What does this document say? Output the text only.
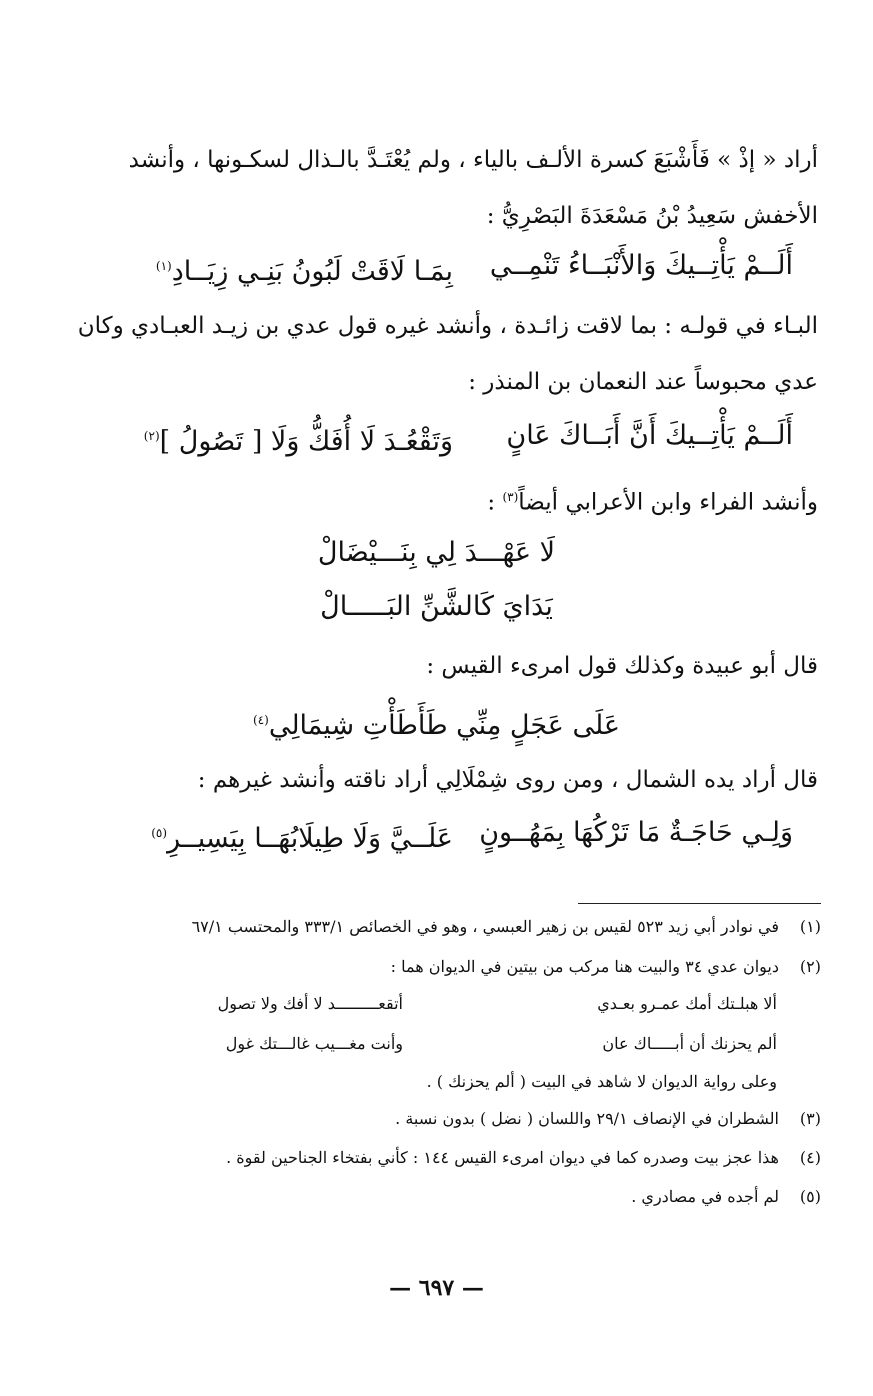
أراد « إذْ » فَأَشْبَعَ كسرة الألـف بالياء ، ولم يُعْتَـدَّ بالـذال لسكـونها ، وأنشد
الأخفش سَعِيدُ بْنُ مَسْعَدَةَ البَصْرِيُّ :
أَلَــمْ يَأْتِــيكَ وَالأَنْبَــاءُ تَنْمِــي
بِمَـا لَاقَتْ لَبُونُ بَنِـي زِيَــادِ$^{(١)}$
البـاء في قولـه : بما لاقت زائـدة ، وأنشد غيره قول عدي بن زيـد العبـادي وكان
عدي محبوساً عند النعمان بن المنذر :
أَلَــمْ يَأْتِــيكَ أَنَّ أَبَــاكَ عَانٍ
وَتَقْعُـدَ لَا أُفَكُّ وَلَا [ تَصُولُ ]$^{(٢)}$
وأنشد الفراء وابن الأعرابي أيضاً$^{(٣)}$ :
لَا عَهْـــدَ لِي بِنَـــيْضَالْ
يَدَايَ كَالشَّنِّ البَـــــالْ
قال أبو عبيدة وكذلك قول امرىء القيس :
عَلَى عَجَلٍ مِنِّي طَأَطَأْتِ شِيمَالِي$^{(٤)}$
قال أراد يده الشمال ، ومن روى شِمْلَالِي أراد ناقته وأنشد غيرهم :
وَلِـي حَاجَـةٌ مَا تَرْكُهَا بِمَهُــونٍ
عَلَــيَّ وَلَا طِيلَابُهَــا بِيَسِيــرِ$^{(٥)}$
(١)في نوادر أبي زيد ٥٢٣ لقيس بن زهير العبسي ، وهو في الخصائص ٣٣٣/١ والمحتسب ٦٧/١
(٢)ديوان عدي ٣٤ والبيت هنا مركب من بيتين في الديوان هما :
ألا هبلـتك أمك عمـرو بعـدي
أتقعـــــــــد لا أفك ولا تصول
ألم يحزنك أن أبـــــاك عان
وأنت مغـــيب غالـــتك غول
وعلى رواية الديوان لا شاهد في البيت ( ألم يحزنك ) .
(٣)الشطران في الإنصاف ٢٩/١ واللسان ( نضل ) بدون نسبة .
(٤)هذا عجز بيت وصدره كما في ديوان امرىء القيس ١٤٤ : كأني بفتخاء الجناحين لقوة .
(٥)لم أجده في مصادري .
— ٦٩٧ —
